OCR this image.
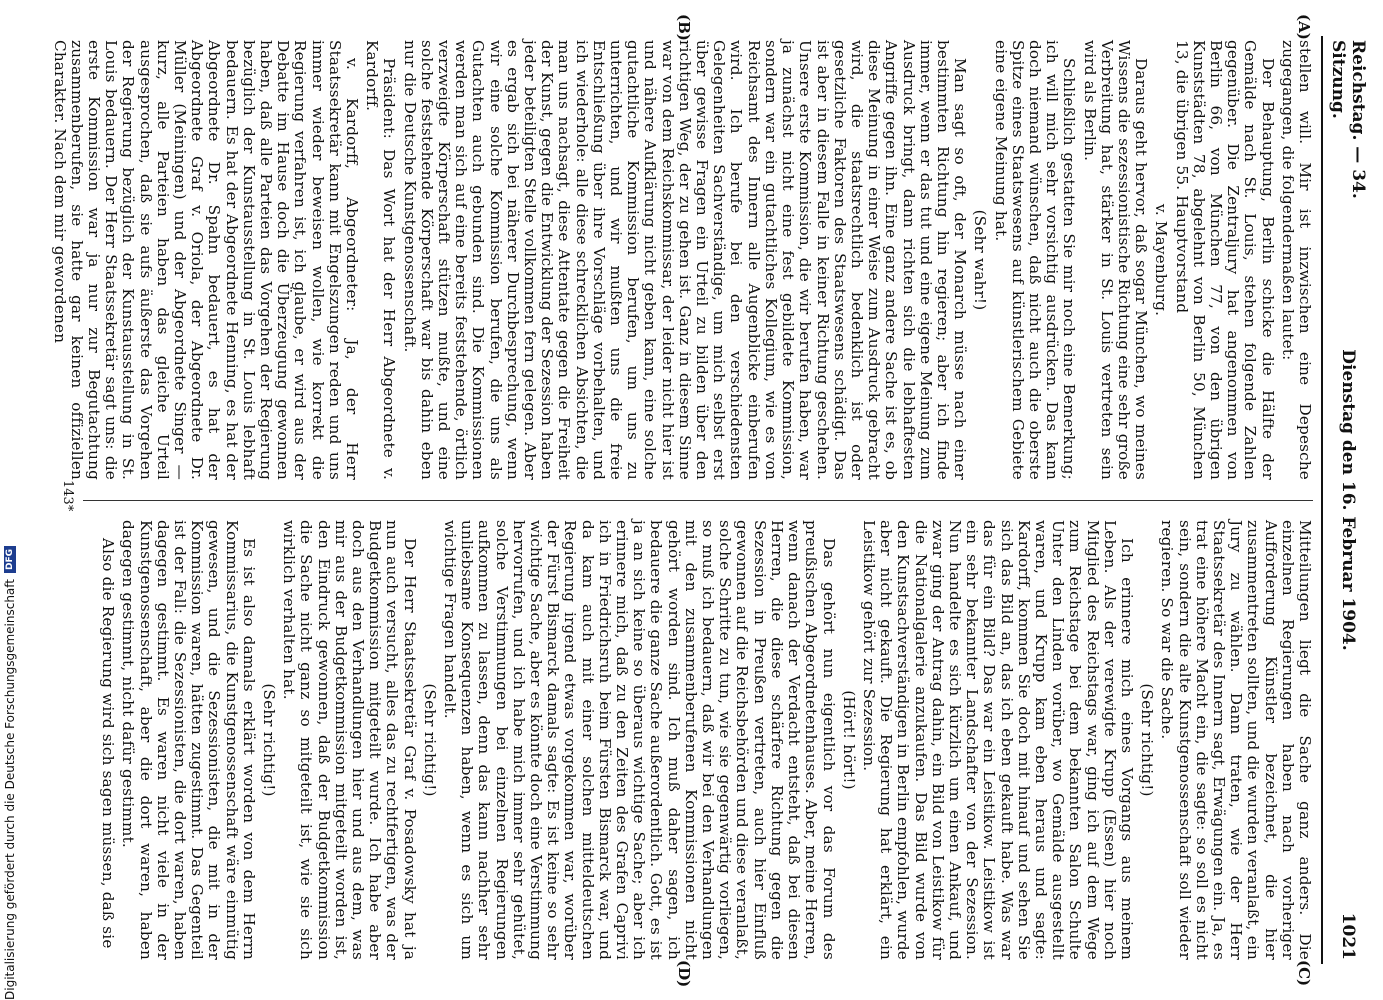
Reichstag. — 34. Sitzung.
Dienstag den 16. Februar 1904.
1021
(A)
(B)
(C)
(D)

stellen will. Mir ist inzwischen eine Depesche zugegangen, die folgendermaßen lautet:

Der Behauptung, Berlin schicke die Hälfte der Gemälde nach St. Louis, stehen folgende Zahlen gegenüber. Die Zentraljury hat angenommen von Berlin 66, von München 77, von den übrigen Kunststädten 78, abgelehnt von Berlin 50, München 13, die übrigen 55. Hauptvorstand

v. Mayenburg.

Daraus geht hervor, daß sogar München, wo meines Wissens die sezessionistische Richtung eine sehr große Verbreitung hat, stärker in St. Louis vertreten sein wird als Berlin.

Schließlich gestatten Sie mir noch eine Bemerkung; ich will mich sehr vorsichtig ausdrücken. Das kann doch niemand wünschen, daß nicht auch die oberste Spitze eines Staatswesens auf künstlerischem Gebiete eine eigene Meinung hat.

(Sehr wahr!)

Man sagt so oft, der Monarch müsse nach einer bestimmten Richtung hin regieren; aber ich finde immer, wenn er das tut und eine eigene Meinung zum Ausdruck bringt, dann richten sich die lebhaftesten Angriffe gegen ihn. Eine ganz andere Sache ist es, ob diese Meinung in einer Weise zum Ausdruck gebracht wird, die staatsrechtlich bedenklich ist oder gesetzliche Faktoren des Staatswesens schädigt. Das ist aber in diesem Falle in keiner Richtung geschehen. Unsere erste Kommission, die wir berufen haben, war ja zunächst nicht eine fest gebildete Kommission, sondern war ein gutachtliches Kollegium, wie es von Reichsamt des Innern alle Augenblicke einberufen wird. Ich berufe bei den verschiedensten Gelegenheiten Sachverständige, um mich selbst erst über gewisse Fragen ein Urteil zu bilden über den richtigen Weg, der zu gehen ist. Ganz in diesem Sinne war von dem Reichskommissar, der leider nicht hier ist und nähere Aufklärung nicht geben kann, eine solche gutachtliche Kommission berufen, um uns zu unterrichten, und wir mußten uns die freie Entschließung über ihre Vorschläge vorbehalten, und ich wiederhole: alle diese schrecklichen Absichten, die man uns nachsagt, diese Attentate gegen die Freiheit der Kunst, gegen die Entwicklung der Sezession haben jeder beteiligten Stelle vollkommen fern gelegen. Aber es ergab sich bei näherer Durchbesprechung, wenn wir eine solche Kommission berufen, die uns als Gutachten auch gebunden sind. Die Kommissionen werden man sich auf eine bereits feststehende, örtlich verzweigte Körperschaft stützen mußte, und eine solche feststehende Körperschaft war bis dahin eben nur die Deutsche Kunstgenossenschaft.

Präsident: Das Wort hat der Herr Abgeordnete v. Kardorff.

v. Kardorff, Abgeordneter: Ja, der Herr Staatssekretär kann mit Engelszungen reden und uns immer wieder beweisen wollen, wie korrekt die Regierung verfahren ist, ich glaube, er wird aus der Debatte im Hause doch die Überzeugung gewonnen haben, daß alle Parteien das Vorgehen der Regierung bezüglich der Kunstausstellung in St. Louis lebhaft bedauern. Es hat der Abgeordnete Henning, es hat der Abgeordnete Dr. Spahn bedauert, es hat der Abgeordnete Graf v. Oriola, der Abgeordnete Dr. Müller (Meiningen) und der Abgeordnete Singer — kurz, alle Parteien haben das gleiche Urteil ausgesprochen, daß sie aufs äußerste das Vorgehen der Regierung bezüglich der Kunstausstellung in St. Louis bedauern. Der Herr Staatssekretär sagt uns: die erste Kommission war ja nur zur Begutachtung zusammenberufen, sie hatte gar keinen offiziellen Charakter. Nach dem mir gewordenen

Mitteilungen liegt die Sache ganz anders. Die einzelnen Regierungen haben nach vorheriger Aufforderung Künstler bezeichnet, die hier zusammentreten sollten, und die wurden veranlaßt, ein Jury zu wählen. Dann traten, wie der Herr Staatssekretär des Innern sagt, Erwägungen ein. Ja, es trat eine höhere Macht ein, die sagte: so soll es nicht sein, sondern die alte Kunstgenossenschaft soll wieder regieren. So war die Sache.

(Sehr richtig!)

Ich erinnere mich eines Vorgangs aus meinem Leben. Als der verewigte Krupp (Essen) hier noch Mitglied des Reichstags war, ging ich auf dem Wege zum Reichstage bei dem bekannten Salon Schulte Unter den Linden vorüber, wo Gemälde ausgestellt waren, und Krupp kam eben heraus und sagte: Kardorff, kommen Sie doch mit hinauf und sehen Sie sich das Bild an, das ich eben gekauft habe. Was war das für ein Bild? Das war ein Leistikow. Leistikow ist ein sehr bekannter Landschafter von der Sezession. Nun handelte es sich kürzlich um einen Ankauf, und zwar ging der Antrag dahin, ein Bild von Leistikow für die Nationalgalerie anzukaufen. Das Bild wurde von den Kunstsachverständigen in Berlin empfohlen, wurde aber nicht gekauft. Die Regierung hat erklärt, ein Leistikow gehört zur Sezession.

(Hört! hört!)

Das gehört nun eigentlich vor das Forum des preußischen Abgeordnetenhauses. Aber, meine Herren, wenn danach der Verdacht entsteht, daß bei diesen Herren, die diese schärfere Richtung gegen die Sezession in Preußen vertreten, auch hier Einfluß gewonnen auf die Reichsbehörden und diese veranlaßt, solche Schritte zu tun, wie sie gegenwärtig vorliegen, so muß ich bedauern, daß wir bei den Verhandlungen mit den zusammenberufenen Kommissionen nicht gehört worden sind. Ich muß daher sagen, ich bedauere die ganze Sache außerordentlich. Gott, es ist ja an sich keine so überaus wichtige Sache; aber ich erinnere mich, daß zu den Zeiten des Grafen Caprivi ich in Friedrichsruh beim Fürsten Bismarck war, und da kam auch mit einer solchen mitteldeutschen Regierung irgend etwas vorgekommen war, worüber der Fürst Bismarck damals sagte: Es ist keine so sehr wichtige Sache, aber es könnte doch eine Verstimmung hervorrufen, und ich habe mich immer sehr gehütet, solche Verstimmungen bei einzelnen Regierungen aufkommen zu lassen, denn das kann nachher sehr unliebsame Konsequenzen haben, wenn es sich um wichtige Fragen handelt.

(Sehr richtig!)

Der Herr Staatssekretär Graf v. Posadowsky hat ja nun auch versucht, alles das zu rechtfertigen, was der Budgetkommission mitgeteilt wurde. Ich habe aber doch aus den Verhandlungen hier und aus dem, was mir aus der Budgetkommission mitgeteilt worden ist, den Eindruck gewonnen, daß der Budgetkommission die Sache nicht ganz so mitgeteilt ist, wie sie sich wirklich verhalten hat.

(Sehr richtig!)

Es ist also damals erklärt worden von dem Herrn Kommissarius, die Kunstgenossenschaft wäre einmütig gewesen, und die Sezessionisten, die mit in der Kommission waren, hätten zugestimmt. Das Gegenteil ist der Fall: die Sezessionisten, die dort waren, haben dagegen gestimmt. Es waren nicht viele in der Kunstgenossenschaft, aber die dort waren, haben dagegen gestimmt, nicht dafür gestimmt.

Also die Regierung wird sich sagen müssen, daß sie

143*
Digitalisierung gefördert durch die Deutsche Forschungsgemeinschaft
DFG
